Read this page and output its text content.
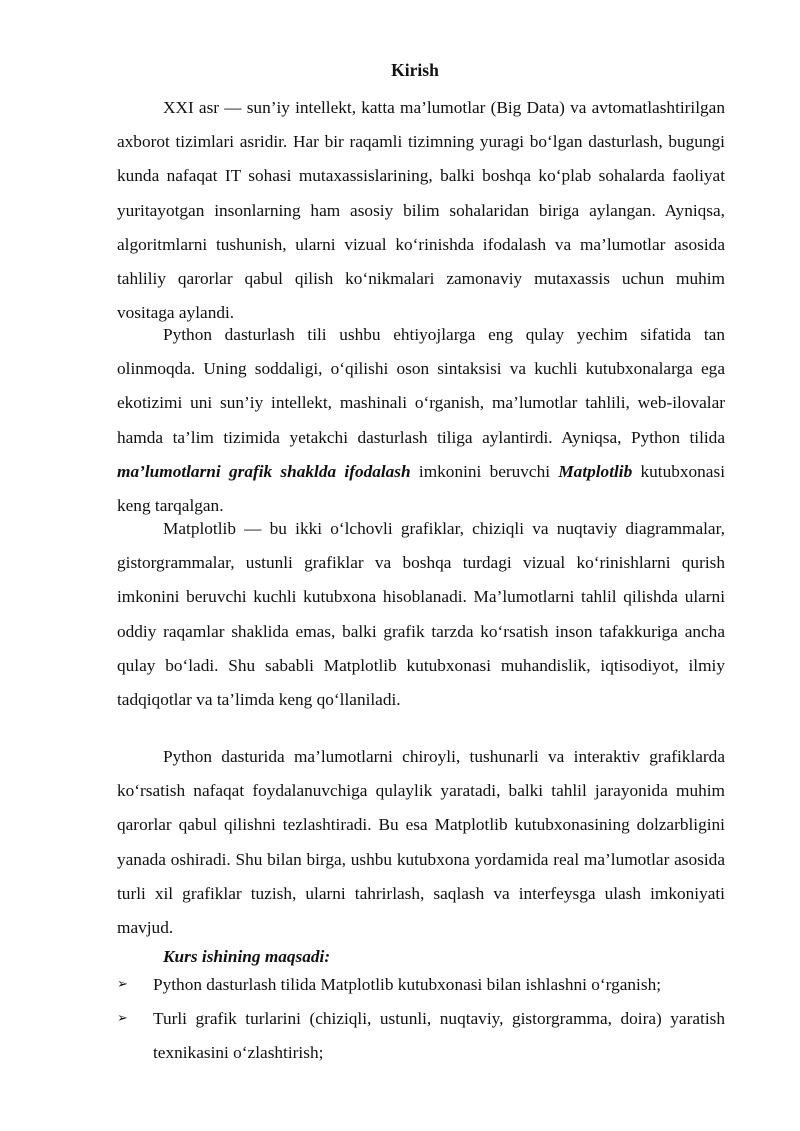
Kirish

XXI asr — sun’iy intellekt, katta ma’lumotlar (Big Data) va avtomatlashtirilgan axborot tizimlari asridir. Har bir raqamli tizimning yuragi bo‘lgan dasturlash, bugungi kunda nafaqat IT sohasi mutaxassislarining, balki boshqa ko‘plab sohalarda faoliyat yuritayotgan insonlarning ham asosiy bilim sohalaridan biriga aylangan. Ayniqsa, algoritmlarni tushunish, ularni vizual ko‘rinishda ifodalash va ma’lumotlar asosida tahliliy qarorlar qabul qilish ko‘nikmalari zamonaviy mutaxassis uchun muhim vositaga aylandi.

Python dasturlash tili ushbu ehtiyojlarga eng qulay yechim sifatida tan olinmoqda. Uning soddaligi, o‘qilishi oson sintaksisi va kuchli kutubxonalarga ega ekotizimi uni sun’iy intellekt, mashinali o‘rganish, ma’lumotlar tahlili, web-ilovalar hamda ta’lim tizimida yetakchi dasturlash tiliga aylantirdi. Ayniqsa, Python tilida ma’lumotlarni grafik shaklda ifodalash imkonini beruvchi Matplotlib kutubxonasi keng tarqalgan.

Matplotlib — bu ikki o‘lchovli grafiklar, chiziqli va nuqtaviy diagrammalar, gistorgrammalar, ustunli grafiklar va boshqa turdagi vizual ko‘rinishlarni qurish imkonini beruvchi kuchli kutubxona hisoblanadi. Ma’lumotlarni tahlil qilishda ularni oddiy raqamlar shaklida emas, balki grafik tarzda ko‘rsatish inson tafakkuriga ancha qulay bo‘ladi. Shu sababli Matplotlib kutubxonasi muhandislik, iqtisodiyot, ilmiy tadqiqotlar va ta’limda keng qo‘llaniladi.

Python dasturida ma’lumotlarni chiroyli, tushunarli va interaktiv grafiklarda ko‘rsatish nafaqat foydalanuvchiga qulaylik yaratadi, balki tahlil jarayonida muhim qarorlar qabul qilishni tezlashtiradi. Bu esa Matplotlib kutubxonasining dolzarbligini yanada oshiradi. Shu bilan birga, ushbu kutubxona yordamida real ma’lumotlar asosida turli xil grafiklar tuzish, ularni tahrirlash, saqlash va interfeysga ulash imkoniyati mavjud.

Kurs ishining maqsadi:
➢ Python dasturlash tilida Matplotlib kutubxonasi bilan ishlashni o‘rganish;
➢ Turli grafik turlarini (chiziqli, ustunli, nuqtaviy, gistorgramma, doira) yaratish texnikasini o‘zlashtirish;
